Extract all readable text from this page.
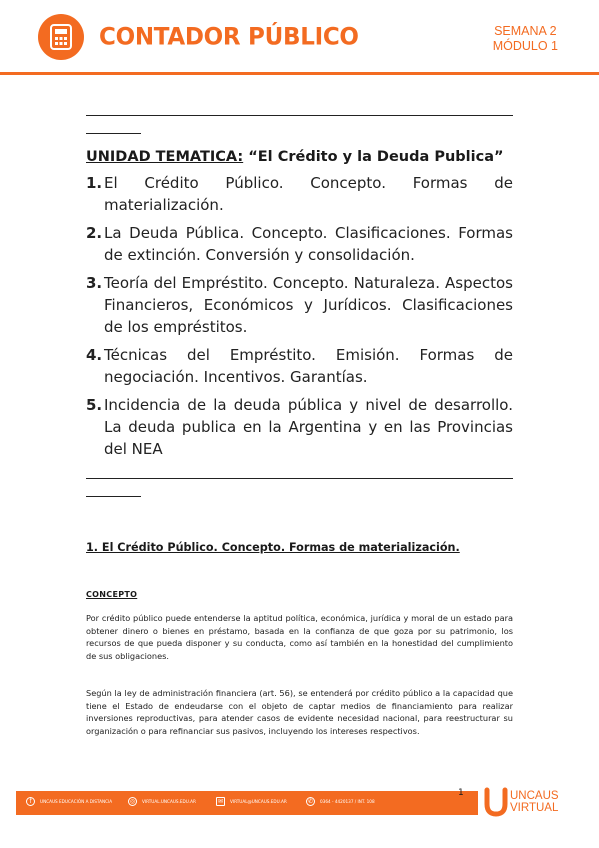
CONTADOR PÚBLICO	SEMANA 2
MÓDULO 1
UNIDAD TEMATICA: “El Crédito y la Deuda Publica”
1. El Crédito Público. Concepto. Formas de materialización.
2. La Deuda Pública. Concepto. Clasificaciones. Formas de extinción. Conversión y consolidación.
3. Teoría del Empréstito. Concepto. Naturaleza. Aspectos Financieros, Económicos y Jurídicos. Clasificaciones de los empréstitos.
4. Técnicas del Empréstito. Emisión. Formas de negociación. Incentivos. Garantías.
5. Incidencia de la deuda pública y nivel de desarrollo. La deuda publica en la Argentina y en las Provincias del NEA
1. El Crédito Público. Concepto. Formas de materialización.
CONCEPTO

Por crédito público puede entenderse la aptitud política, económica, jurídica y moral de un estado para obtener dinero o bienes en préstamo, basada en la confianza de que goza por su patrimonio, los recursos de que pueda disponer y su conducta, como así también en la honestidad del cumplimiento de sus obligaciones.

Según la ley de administración financiera (art. 56), se entenderá por crédito público a la capacidad que tiene el Estado de endeudarse con el objeto de captar medios de financiamiento para realizar inversiones reproductivas, para atender casos de evidente necesidad nacional, para reestructurar su organización o para refinanciar sus pasivos, incluyendo los intereses respectivos.

f	UNCAUS EDUCACIÓN A DISTANCIA	◎	VIRTUAL.UNCAUS.EDU.AR	✉	VIRTUAL@UNCAUS.EDU.AR	✆	0364 - 4420137 / INT. 108
1	UNCAUS
VIRTUAL
